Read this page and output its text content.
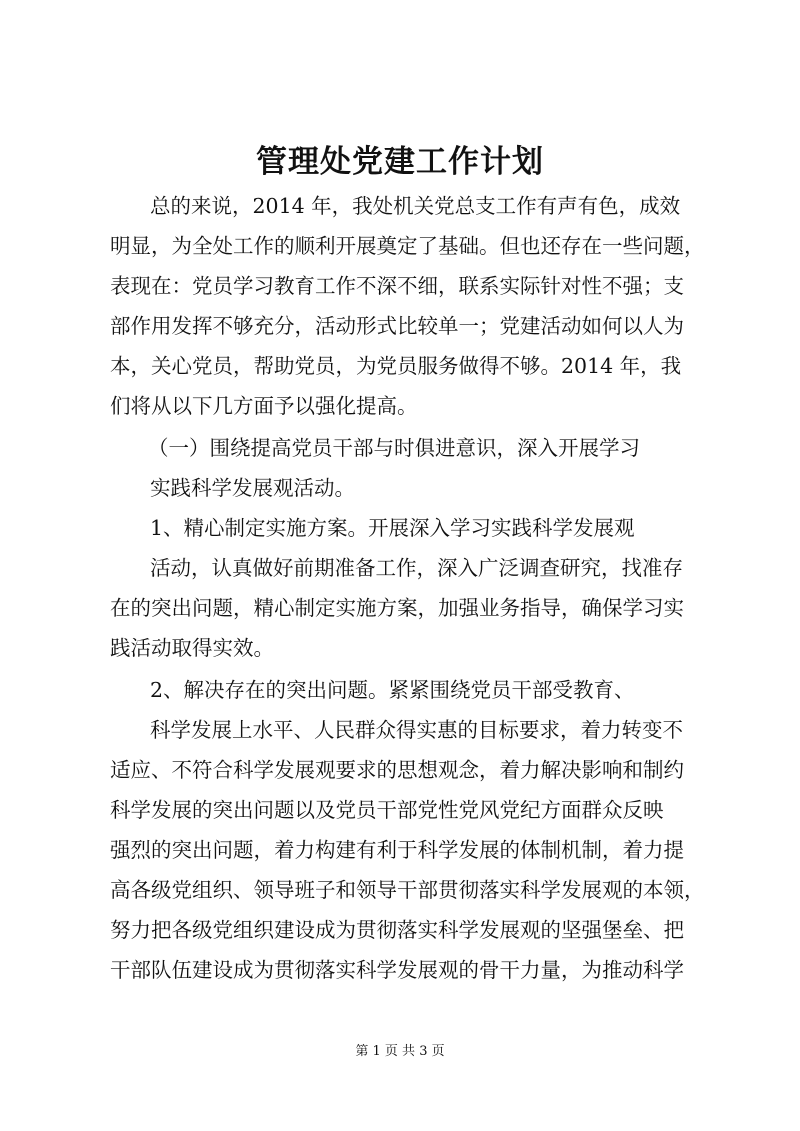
管理处党建工作计划
总的来说，2014 年，我处机关党总支工作有声有色，成效
明显，为全处工作的顺利开展奠定了基础。但也还存在一些问题，
表现在：党员学习教育工作不深不细，联系实际针对性不强；支
部作用发挥不够充分，活动形式比较单一；党建活动如何以人为
本，关心党员，帮助党员，为党员服务做得不够。2014 年，我
们将从以下几方面予以强化提高。
（一）围绕提高党员干部与时俱进意识，深入开展学习
实践科学发展观活动。
1、精心制定实施方案。开展深入学习实践科学发展观
活动，认真做好前期准备工作，深入广泛调查研究，找准存
在的突出问题，精心制定实施方案，加强业务指导，确保学习实
践活动取得实效。
2、解决存在的突出问题。紧紧围绕党员干部受教育、
科学发展上水平、人民群众得实惠的目标要求，着力转变不
适应、不符合科学发展观要求的思想观念，着力解决影响和制约
科学发展的突出问题以及党员干部党性党风党纪方面群众反映
强烈的突出问题，着力构建有利于科学发展的体制机制，着力提
高各级党组织、领导班子和领导干部贯彻落实科学发展观的本领，
努力把各级党组织建设成为贯彻落实科学发展观的坚强堡垒、把
干部队伍建设成为贯彻落实科学发展观的骨干力量，为推动科学
第 1 页 共 3 页
